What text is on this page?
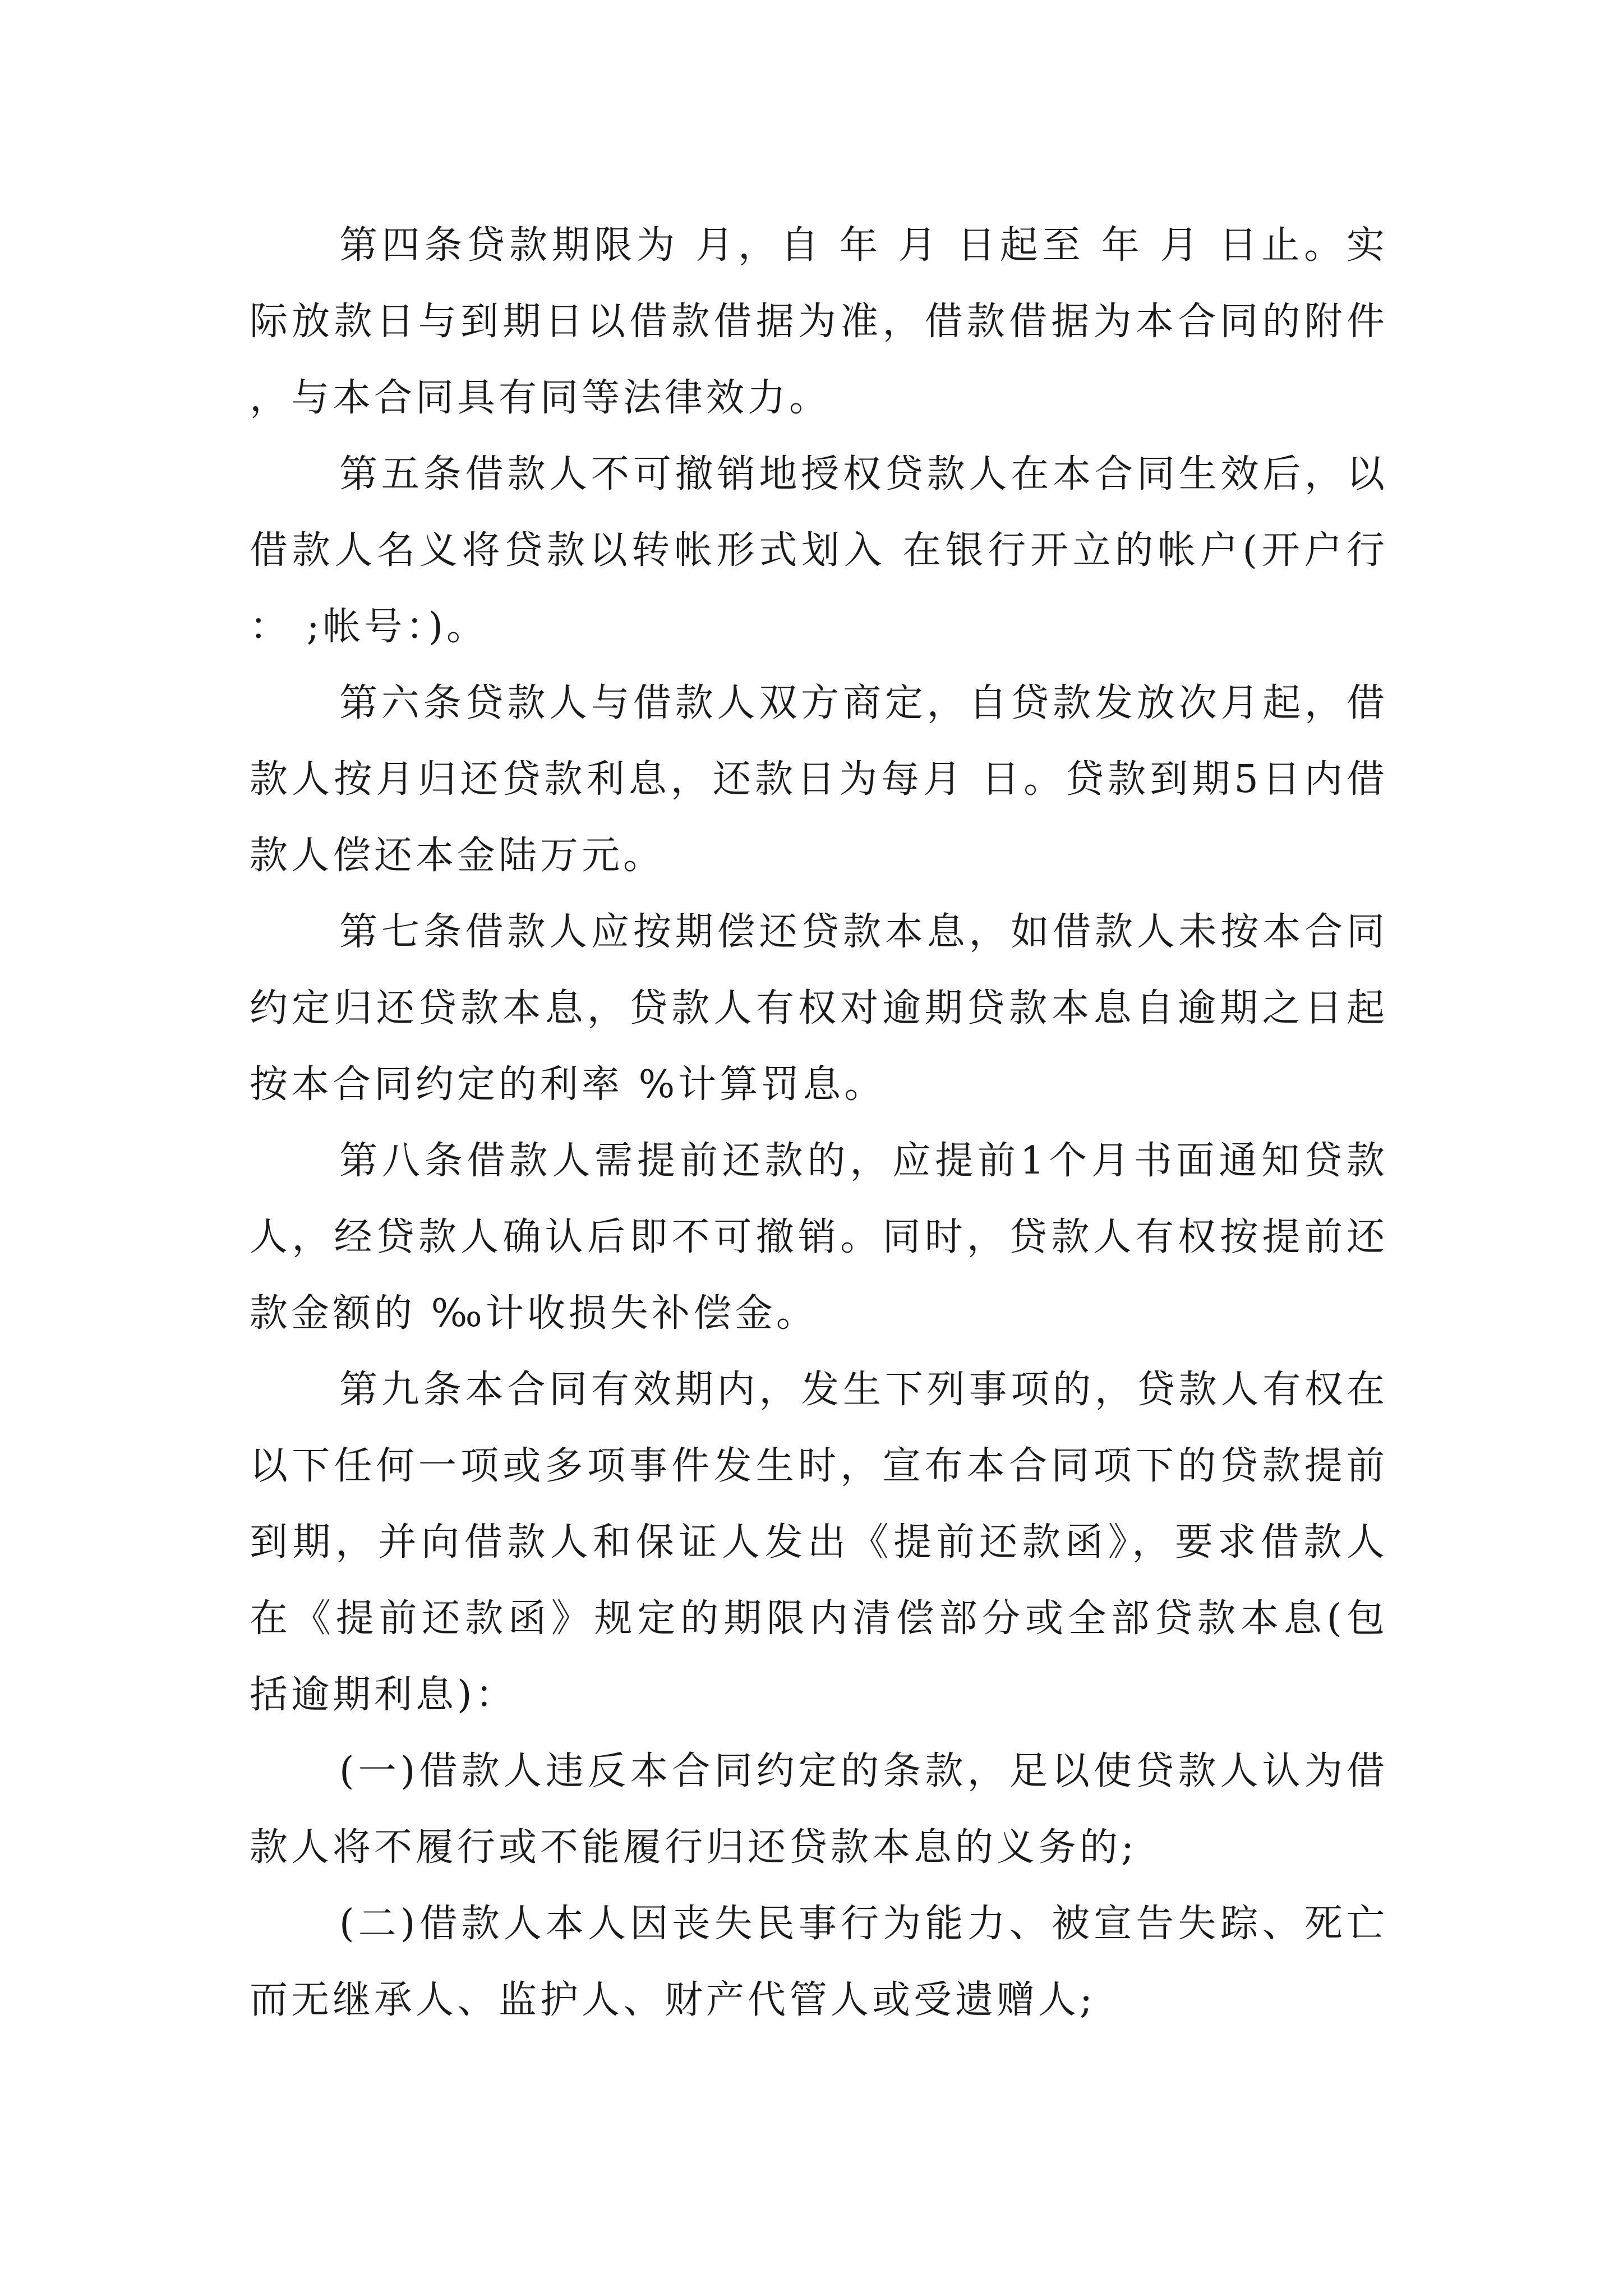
第四条贷款期限为 月，自 年 月 日起至 年 月 日止。实际放款日与到期日以借款借据为准，借款借据为本合同的附件，与本合同具有同等法律效力。

第五条借款人不可撤销地授权贷款人在本合同生效后，以借款人名义将贷款以转帐形式划入 在银行开立的帐户(开户行： ;帐号：)。

第六条贷款人与借款人双方商定，自贷款发放次月起，借款人按月归还贷款利息，还款日为每月 日。贷款到期5日内借款人偿还本金陆万元。

第七条借款人应按期偿还贷款本息，如借款人未按本合同约定归还贷款本息，贷款人有权对逾期贷款本息自逾期之日起按本合同约定的利率 %计算罚息。

第八条借款人需提前还款的，应提前1个月书面通知贷款人，经贷款人确认后即不可撤销。同时，贷款人有权按提前还款金额的 ‰计收损失补偿金。

第九条本合同有效期内，发生下列事项的，贷款人有权在以下任何一项或多项事件发生时，宣布本合同项下的贷款提前到期，并向借款人和保证人发出《提前还款函》，要求借款人在《提前还款函》规定的期限内清偿部分或全部贷款本息(包括逾期利息)：

(一)借款人违反本合同约定的条款，足以使贷款人认为借款人将不履行或不能履行归还贷款本息的义务的;

(二)借款人本人因丧失民事行为能力、被宣告失踪、死亡而无继承人、监护人、财产代管人或受遗赠人;
